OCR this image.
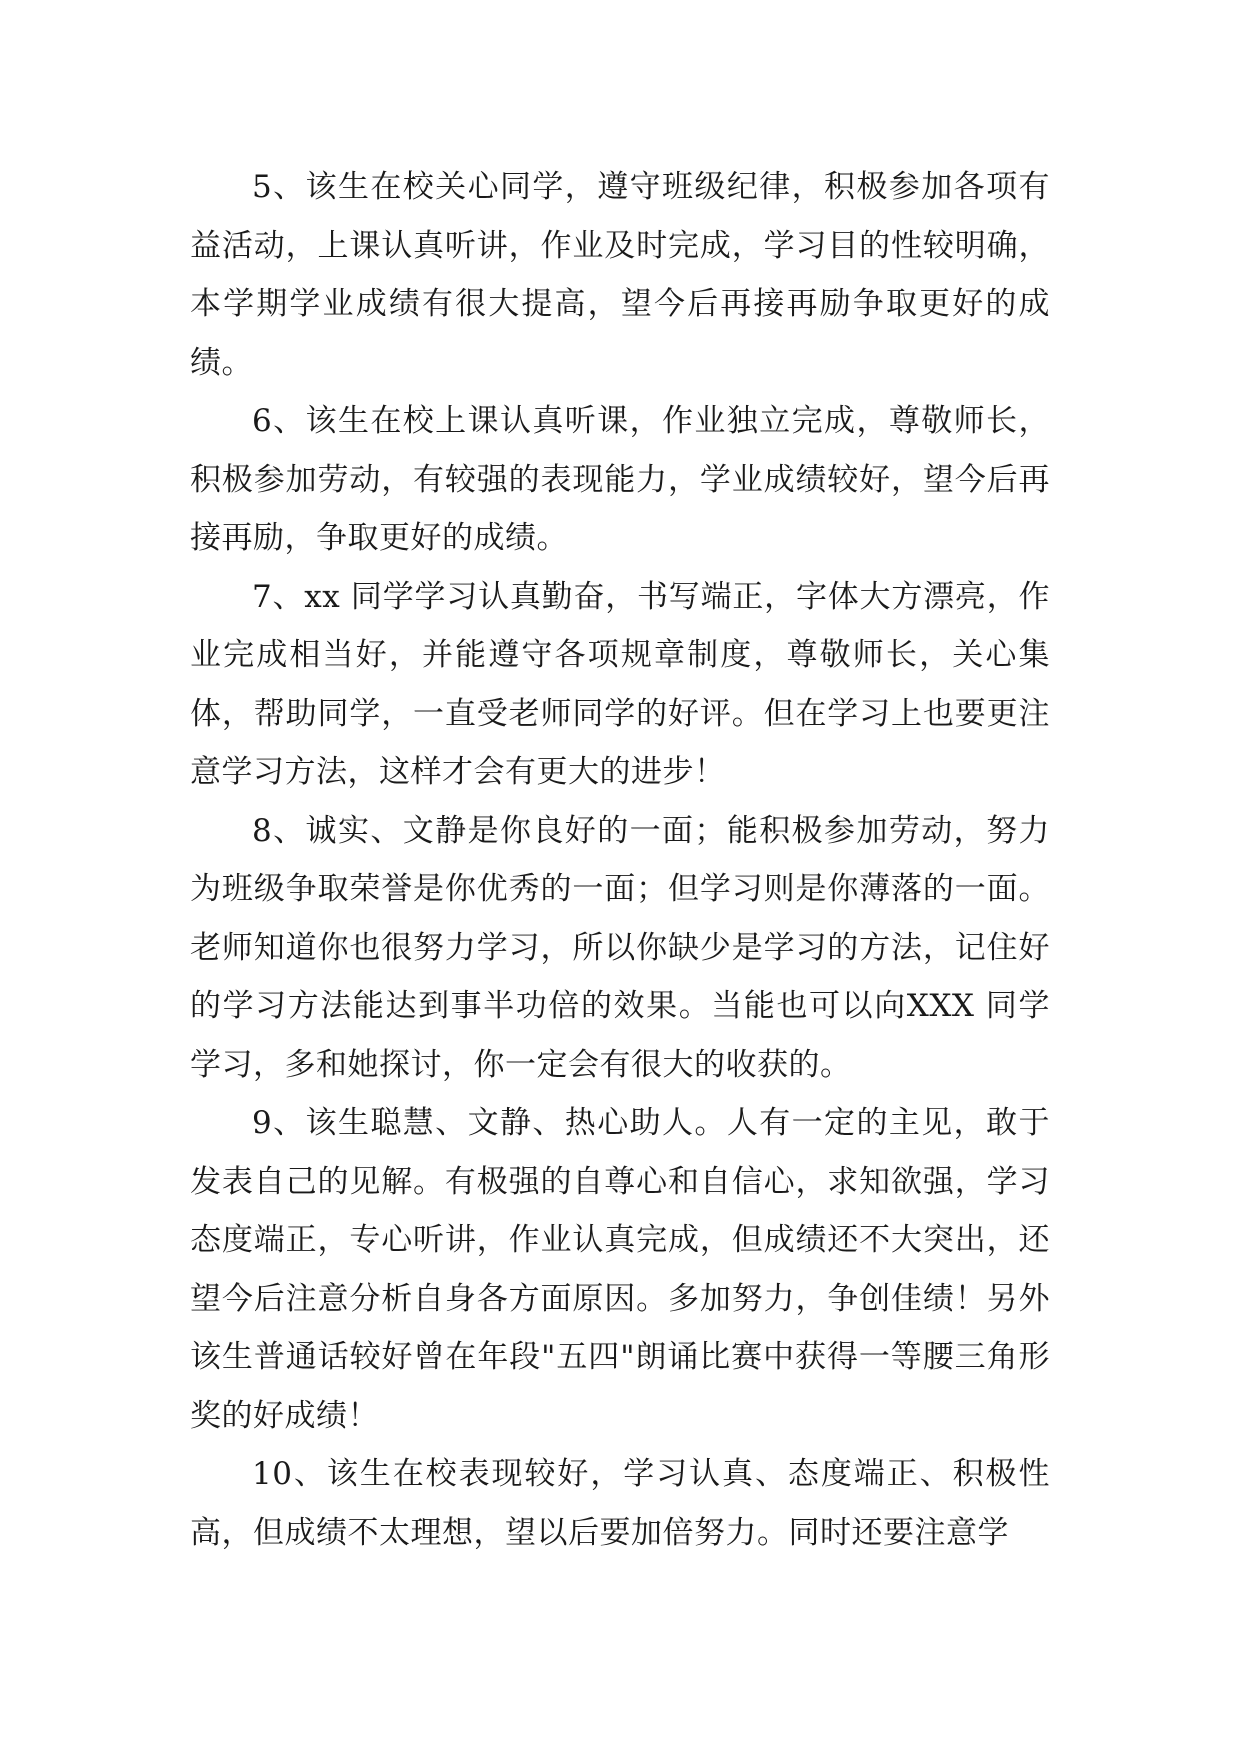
5、该生在校关心同学，遵守班级纪律，积极参加各项有益活动，上课认真听讲，作业及时完成，学习目的性较明确，本学期学业成绩有很大提高，望今后再接再励争取更好的成绩。

6、该生在校上课认真听课，作业独立完成，尊敬师长，积极参加劳动，有较强的表现能力，学业成绩较好，望今后再接再励，争取更好的成绩。

7、xx 同学学习认真勤奋，书写端正，字体大方漂亮，作业完成相当好，并能遵守各项规章制度，尊敬师长，关心集体，帮助同学，一直受老师同学的好评。但在学习上也要更注意学习方法，这样才会有更大的进步！

8、诚实、文静是你良好的一面；能积极参加劳动，努力为班级争取荣誉是你优秀的一面；但学习则是你薄落的一面。老师知道你也很努力学习，所以你缺少是学习的方法，记住好的学习方法能达到事半功倍的效果。当能也可以向XXX 同学学习，多和她探讨，你一定会有很大的收获的。

9、该生聪慧、文静、热心助人。人有一定的主见，敢于发表自己的见解。有极强的自尊心和自信心，求知欲强，学习态度端正，专心听讲，作业认真完成，但成绩还不大突出，还望今后注意分析自身各方面原因。多加努力，争创佳绩！另外该生普通话较好曾在年段"五四"朗诵比赛中获得一等腰三角形奖的好成绩！

10、该生在校表现较好，学习认真、态度端正、积极性高，但成绩不太理想，望以后要加倍努力。同时还要注意学
